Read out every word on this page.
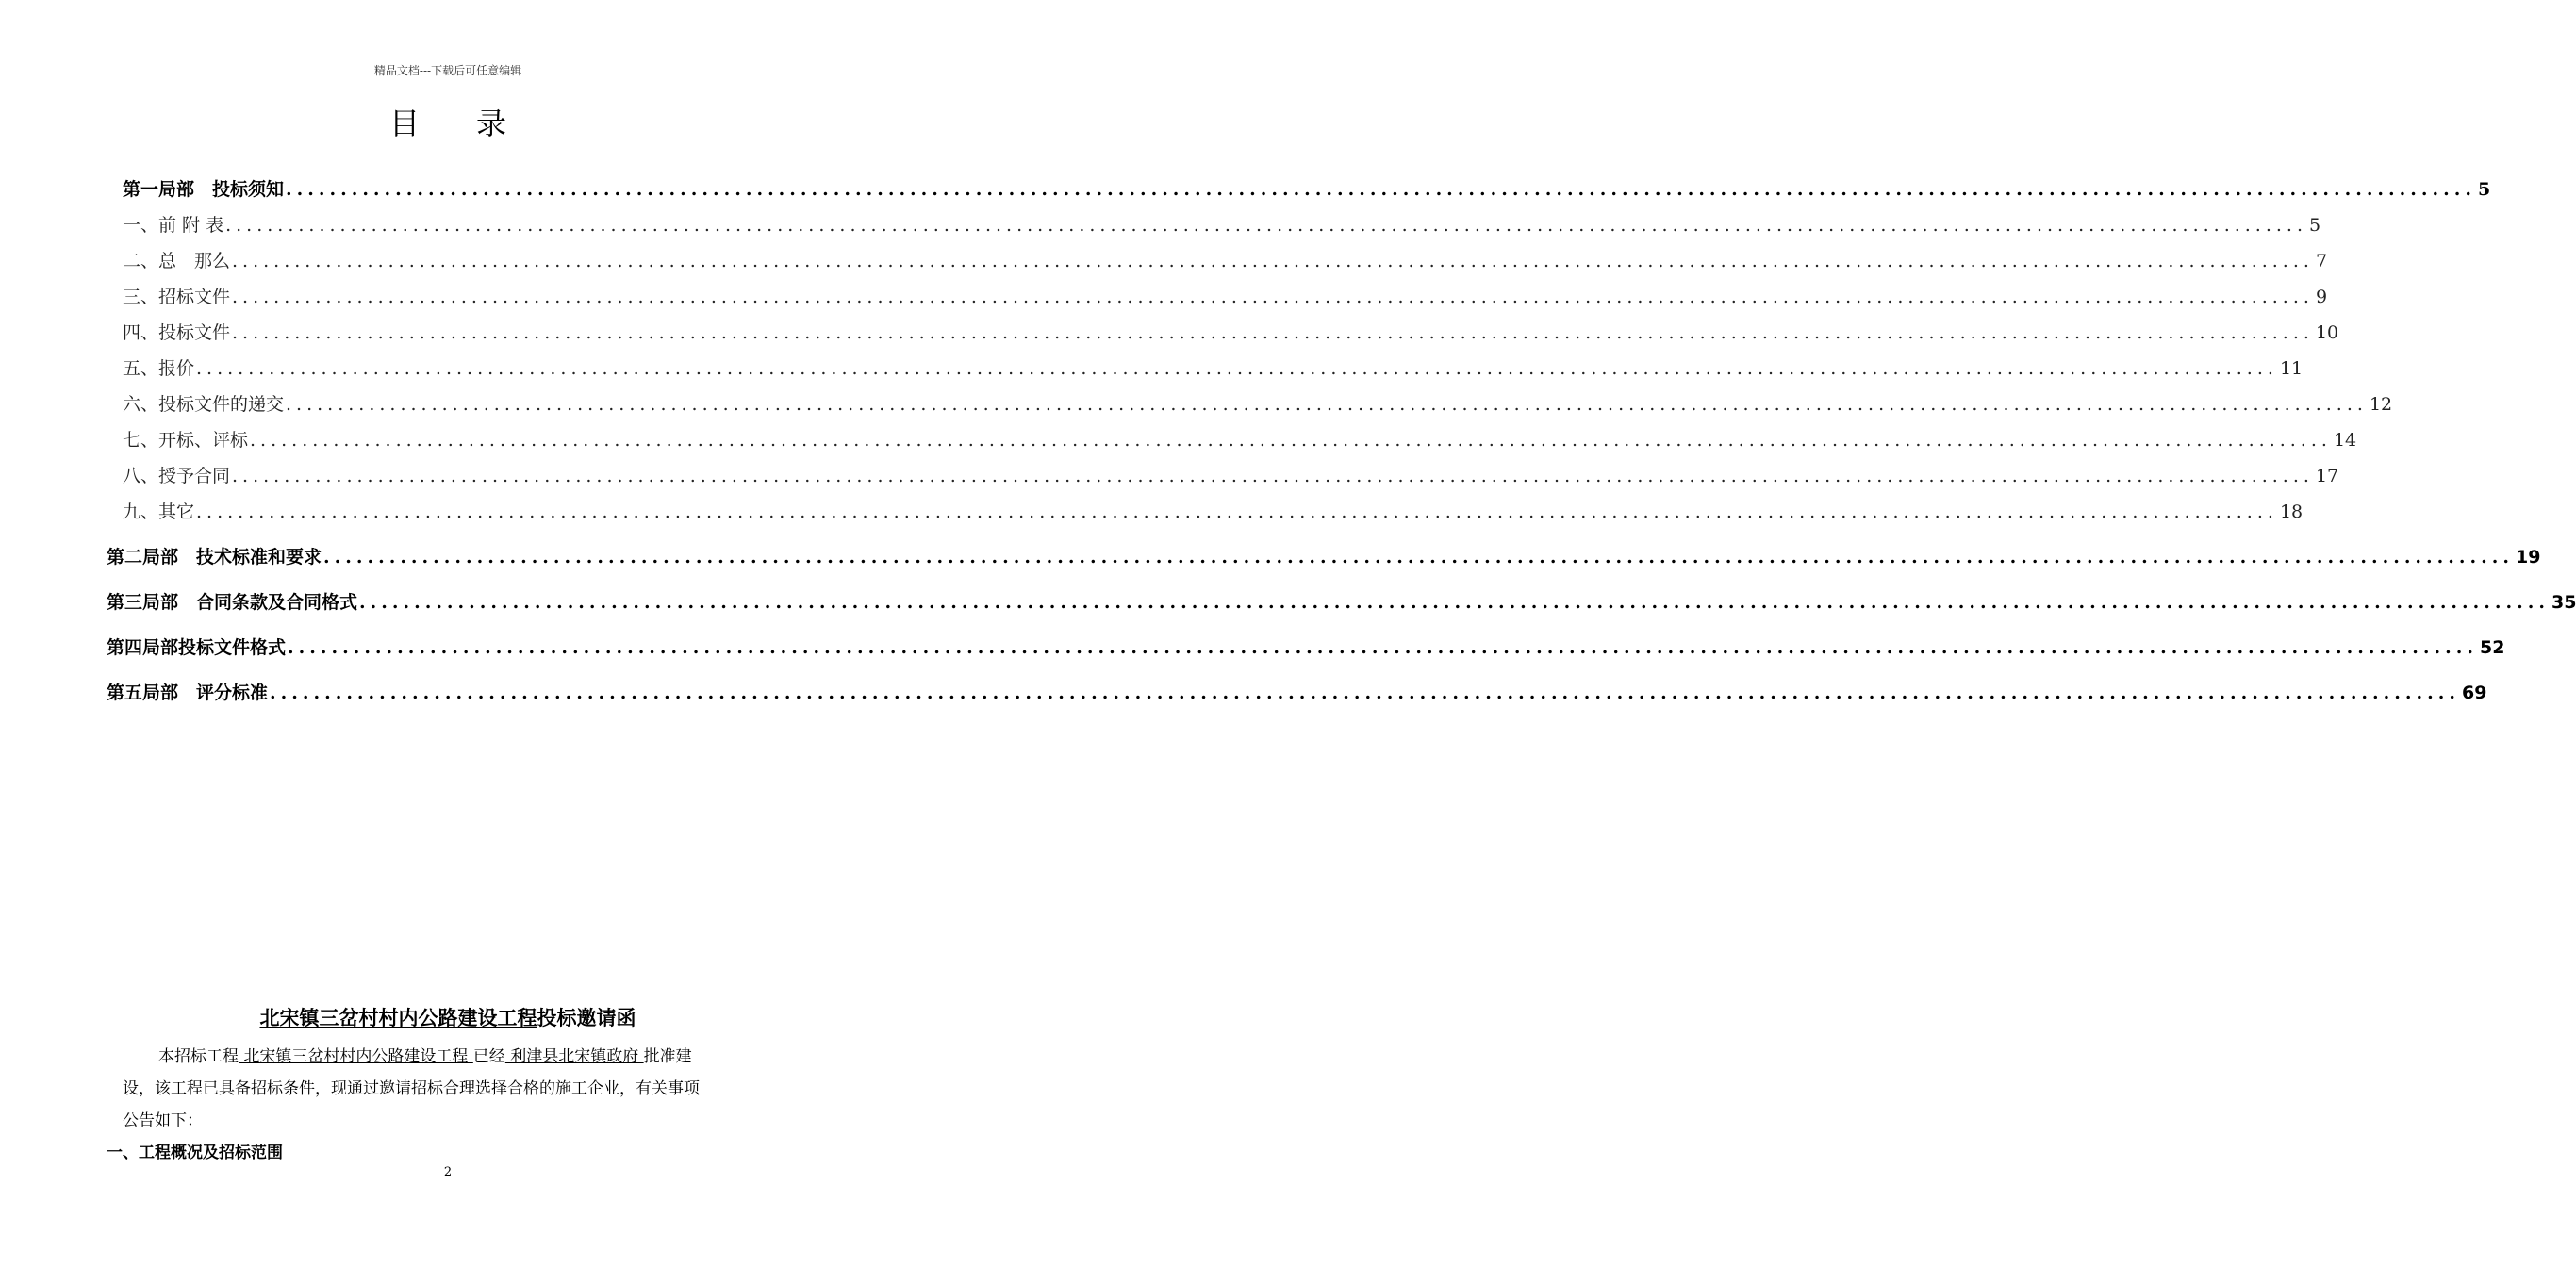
精品文档---下载后可任意编辑
目录
第一局部　投标须知 ........................................................................................................................................................................................................ 5
一、前 附 表 ........................................................................................................................................................................................................ 5
二、总　那么 ........................................................................................................................................................................................................ 7
三、招标文件 ........................................................................................................................................................................................................ 9
四、投标文件 ........................................................................................................................................................................................................ 10
五、报价 ........................................................................................................................................................................................................ 11
六、投标文件的递交 ........................................................................................................................................................................................................ 12
七、开标、评标 ........................................................................................................................................................................................................ 14
八、授予合同 ........................................................................................................................................................................................................ 17
九、其它 ........................................................................................................................................................................................................ 18
第二局部　技术标准和要求 ........................................................................................................................................................................................................ 19
第三局部　合同条款及合同格式 ........................................................................................................................................................................................................ 35
第四局部投标文件格式 ........................................................................................................................................................................................................ 52
第五局部　评分标准 ........................................................................................................................................................................................................ 69
北宋镇三岔村村内公路建设工程投标邀请函
本招标工程 北宋镇三岔村村内公路建设工程 已经 利津县北宋镇政府 批准建
设，该工程已具备招标条件，现通过邀请招标合理选择合格的施工企业，有关事项
公告如下：
一、工程概况及招标范围
2
